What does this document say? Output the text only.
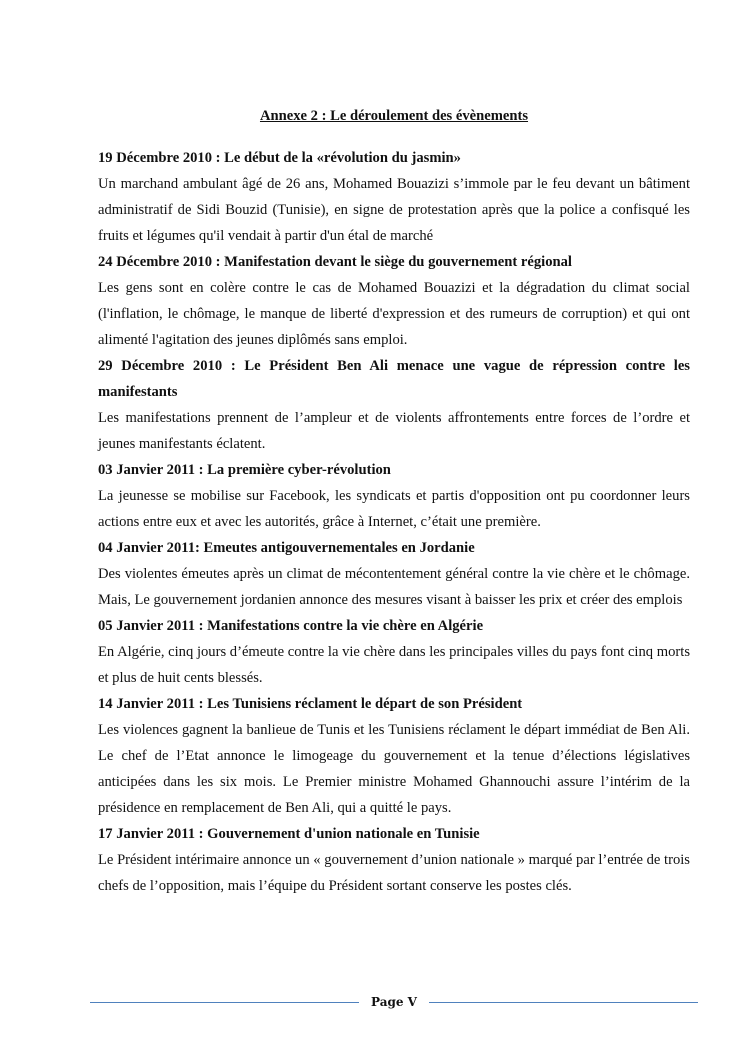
Annexe 2 : Le déroulement des évènements

19 Décembre 2010 : Le début de la «révolution du jasmin»

Un marchand ambulant âgé de 26 ans, Mohamed Bouazizi s’immole par le feu devant un bâtiment administratif de Sidi Bouzid (Tunisie), en signe de protestation après que la police a confisqué les fruits et légumes qu'il vendait à partir d'un étal de marché

24 Décembre 2010 : Manifestation devant le siège du gouvernement régional

Les gens sont en colère contre le cas de Mohamed Bouazizi et la dégradation du climat social (l'inflation, le chômage, le manque de liberté d'expression et des rumeurs de corruption) et qui ont alimenté l'agitation des jeunes diplômés sans emploi.

29 Décembre 2010 : Le Président Ben Ali menace une vague de répression contre les manifestants

Les manifestations prennent de l’ampleur et de violents affrontements entre forces de l’ordre et jeunes manifestants éclatent.

03 Janvier 2011 : La première cyber-révolution

La jeunesse se mobilise sur Facebook, les syndicats et partis d'opposition ont pu coordonner leurs actions entre eux et avec les autorités, grâce à Internet, c’était une première.

04 Janvier 2011: Emeutes antigouvernementales en Jordanie

Des violentes émeutes après un climat de mécontentement général contre la vie chère et le chômage. Mais, Le gouvernement jordanien annonce des mesures visant à baisser les prix et créer des emplois

05 Janvier 2011 : Manifestations contre la vie chère en Algérie

En Algérie, cinq jours d’émeute contre la vie chère dans les principales villes du pays font cinq morts et plus de huit cents blessés.

14 Janvier 2011 : Les Tunisiens réclament le départ de son Président

Les violences gagnent la banlieue de Tunis et les Tunisiens réclament le départ immédiat de Ben Ali. Le chef de l’Etat annonce le limogeage du gouvernement et la tenue d’élections législatives anticipées dans les six mois. Le Premier ministre Mohamed Ghannouchi assure l’intérim de la présidence en remplacement de Ben Ali, qui a quitté le pays.

17 Janvier 2011 : Gouvernement d'union nationale en Tunisie

Le Président intérimaire annonce un « gouvernement d’union nationale » marqué par l’entrée de trois chefs de l’opposition, mais l’équipe du Président sortant conserve les postes clés.

Page V
